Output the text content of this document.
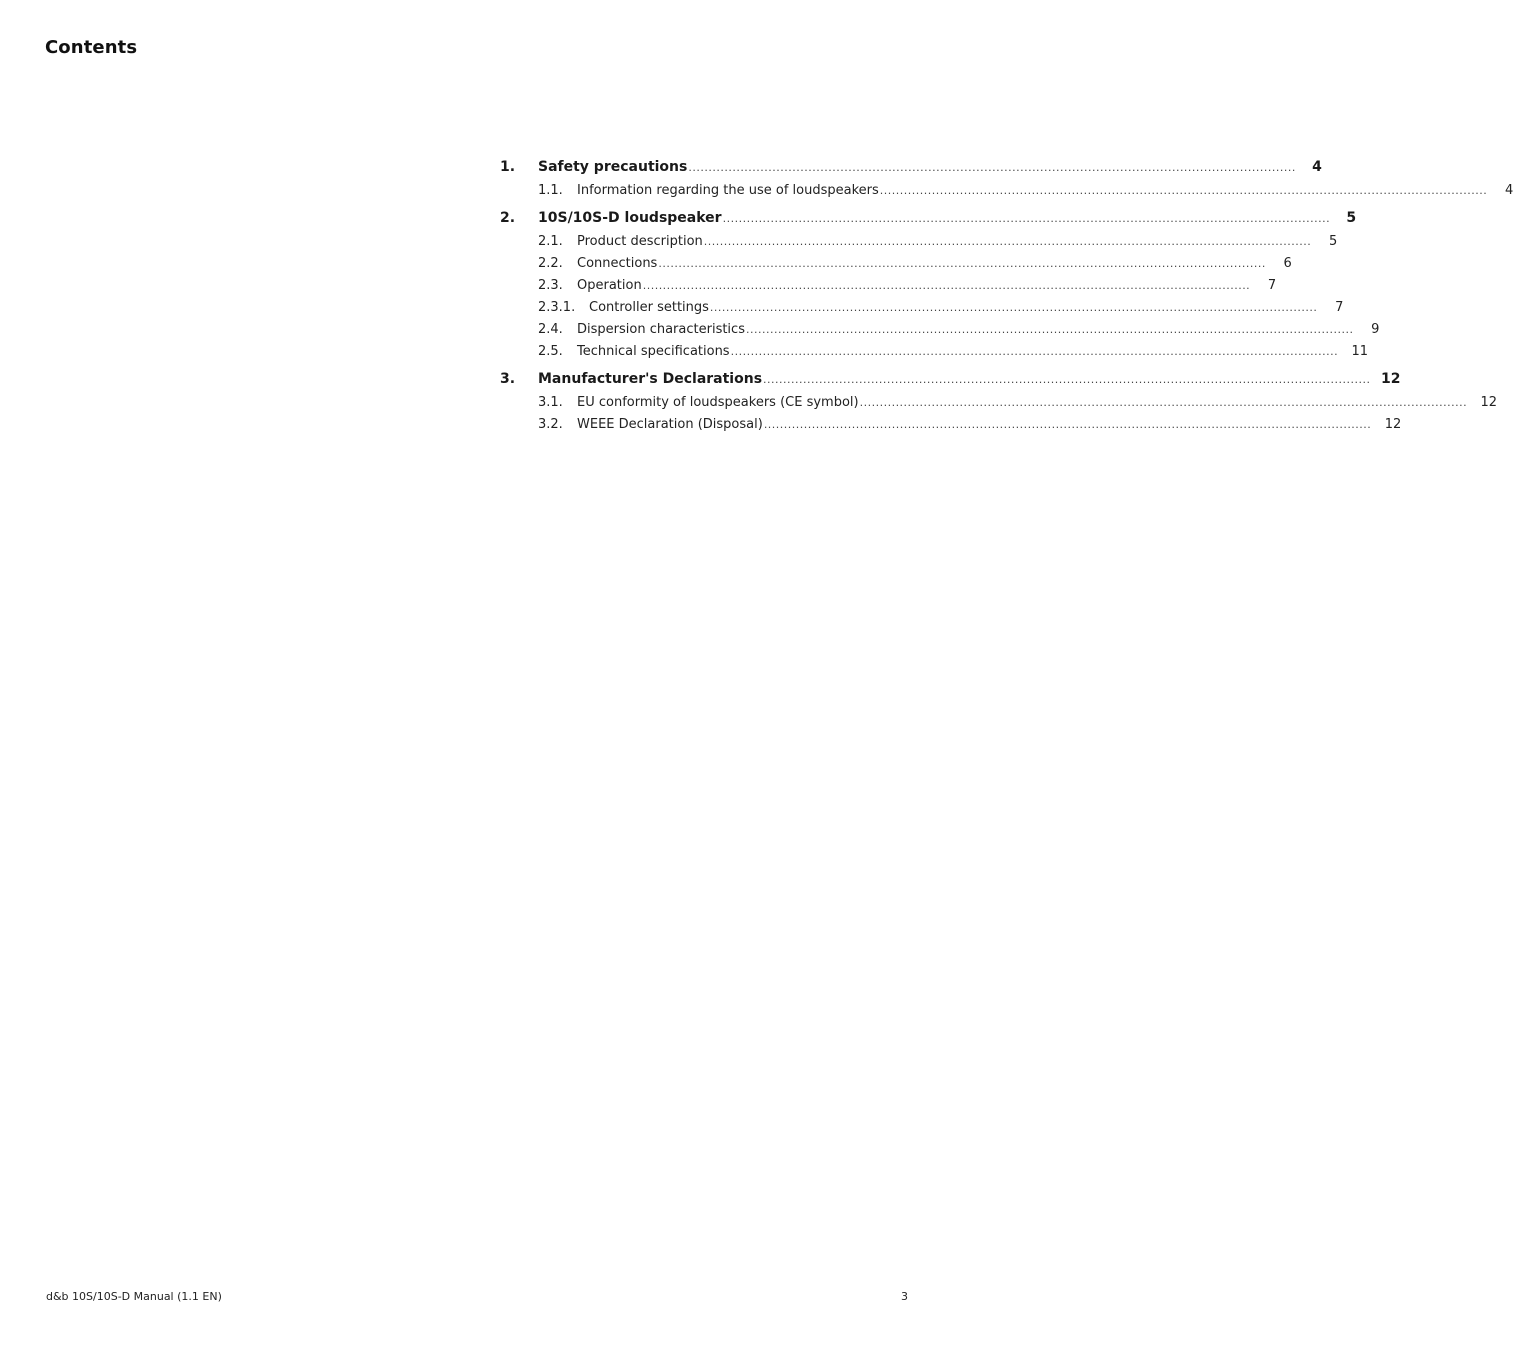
Contents
1.	Safety precautions .....	4
1.1.	Information regarding the use of loudspeakers .....	4
2.	10S/10S-D loudspeaker .....	5
2.1.	Product description .....	5
2.2.	Connections .....	6
2.3.	Operation .....	7
2.3.1.	Controller settings .....	7
2.4.	Dispersion characteristics .....	9
2.5.	Technical specifications .....	11
3.	Manufacturer's Declarations .....	12
3.1.	EU conformity of loudspeakers (CE symbol) .....	12
3.2.	WEEE Declaration (Disposal) .....	12
d&b 10S/10S-D Manual (1.1 EN)	3
